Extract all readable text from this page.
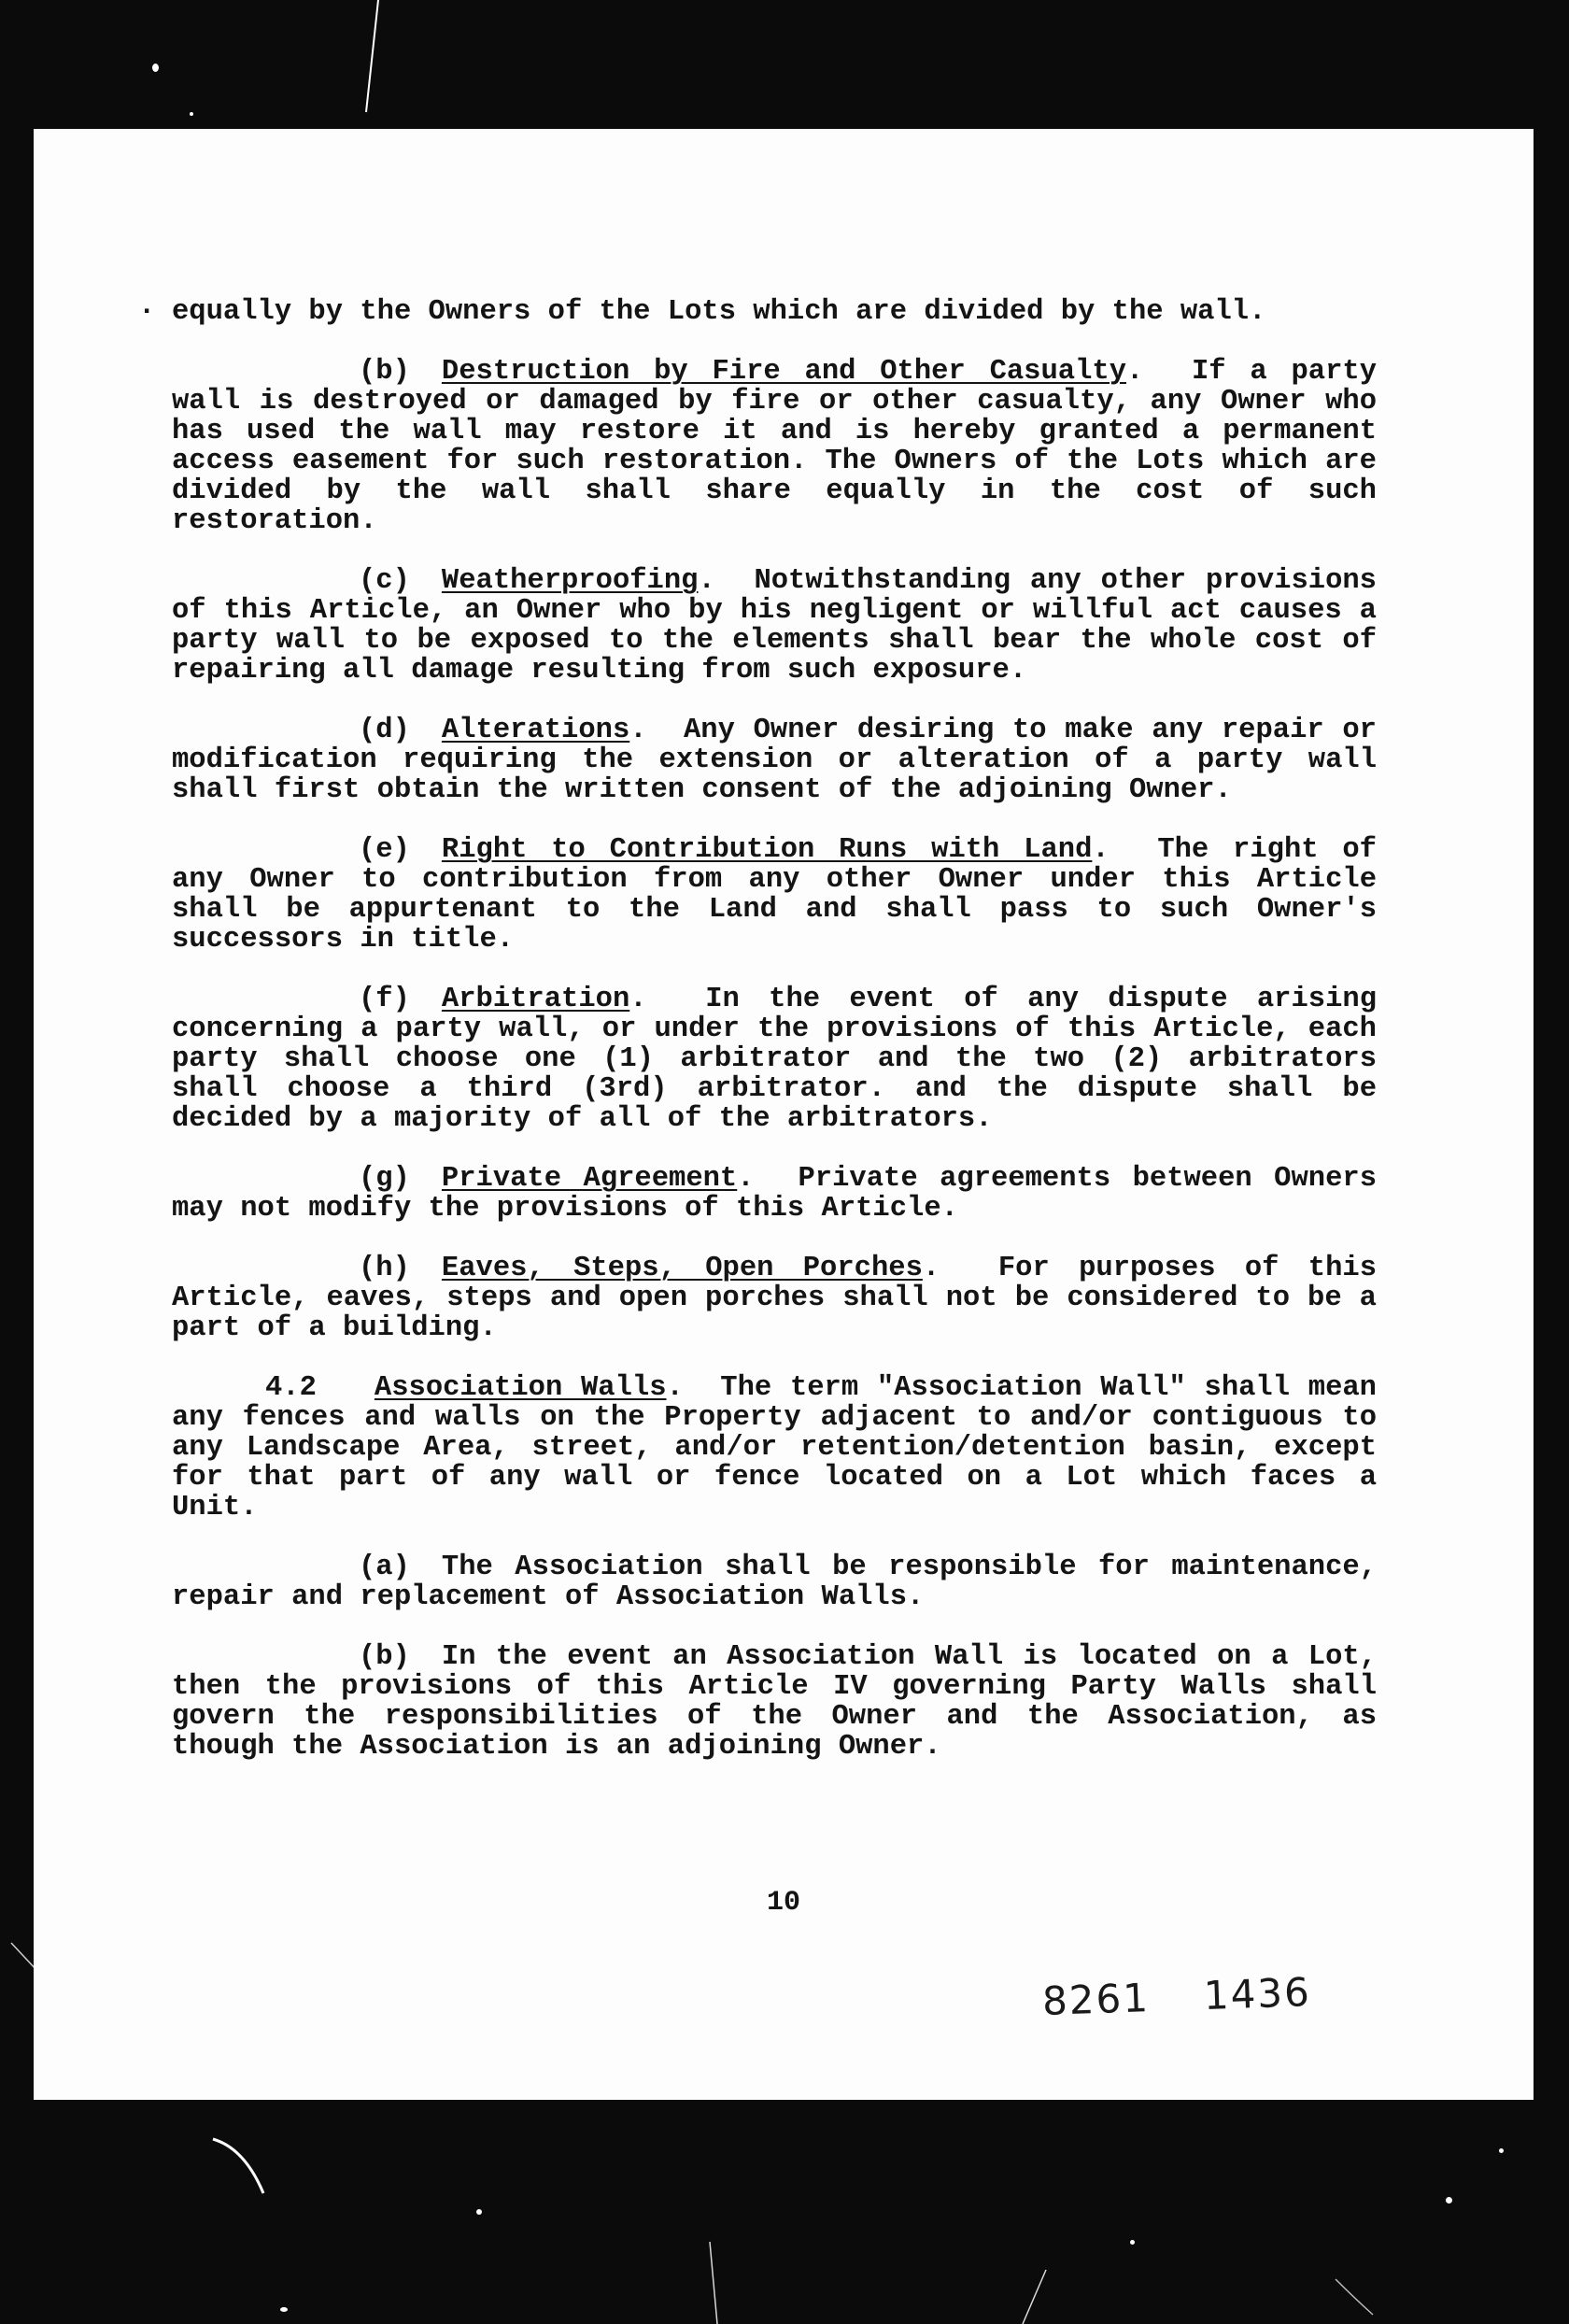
· equally by the Owners of the Lots which are divided by the wall.

(b) Destruction by Fire and Other Casualty.  If a party wall is destroyed or damaged by fire or other casualty, any Owner who has used the wall may restore it and is hereby granted a permanent access easement for such restoration. The Owners of the Lots which are divided by the wall shall share equally in the cost of such restoration.

(c) Weatherproofing.  Notwithstanding any other provisions of this Article, an Owner who by his negligent or willful act causes a party wall to be exposed to the elements shall bear the whole cost of repairing all damage resulting from such exposure.

(d) Alterations.  Any Owner desiring to make any repair or modification requiring the extension or alteration of a party wall shall first obtain the written consent of the adjoining Owner.

(e) Right to Contribution Runs with Land.  The right of any Owner to contribution from any other Owner under this Article shall be appurtenant to the Land and shall pass to such Owner's successors in title.

(f) Arbitration.  In the event of any dispute arising concerning a party wall, or under the provisions of this Article, each party shall choose one (1) arbitrator and the two (2) arbitrators shall choose a third (3rd) arbitrator. and the dispute shall be decided by a majority of all of the arbitrators.

(g) Private Agreement.  Private agreements between Owners may not modify the provisions of this Article.

(h) Eaves, Steps, Open Porches.  For purposes of this Article, eaves, steps and open porches shall not be considered to be a part of a building.

4.2 Association Walls.  The term "Association Wall" shall mean any fences and walls on the Property adjacent to and/or contiguous to any Landscape Area, street, and/or retention/detention basin, except for that part of any wall or fence located on a Lot which faces a Unit.

(a) The Association shall be responsible for maintenance, repair and replacement of Association Walls.

(b) In the event an Association Wall is located on a Lot, then the provisions of this Article IV governing Party Walls shall govern the responsibilities of the Owner and the Association, as though the Association is an adjoining Owner.

10
8261 1436
